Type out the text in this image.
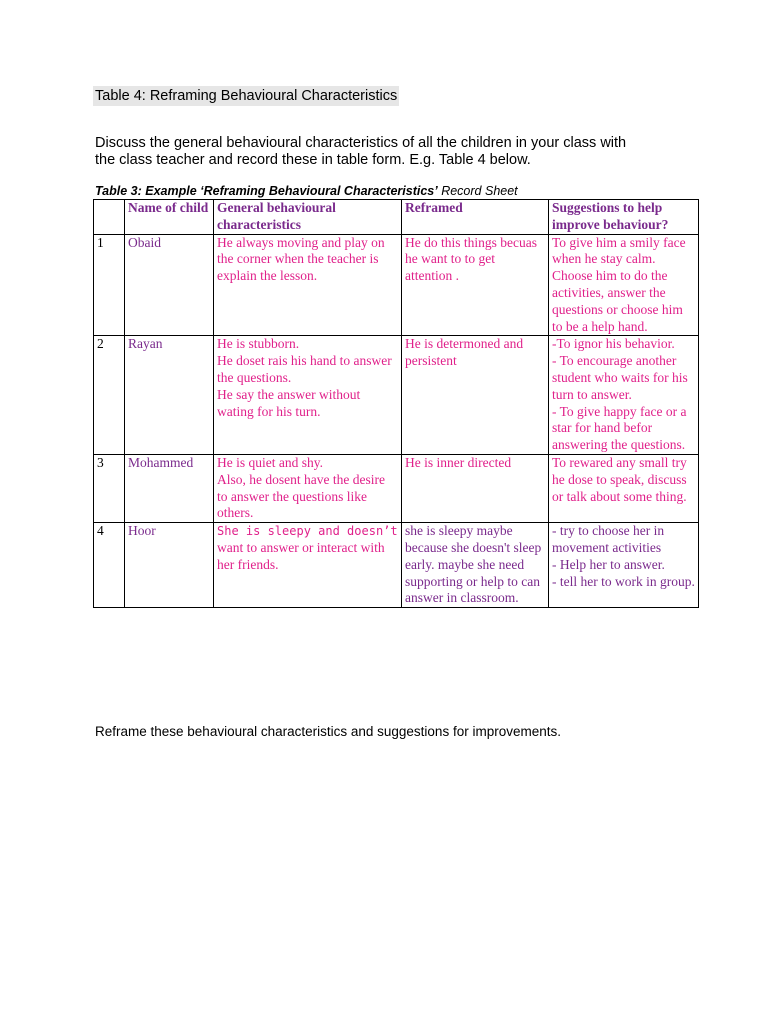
Table 4: Reframing Behavioural Characteristics
Discuss the general behavioural characteristics of all the children in your class with
the class teacher and record these in table form. E.g. Table 4 below.
Table 3: Example ‘Reframing Behavioural Characteristics’ Record Sheet
	Name of child	General behavioural characteristics	Reframed	Suggestions to help improve behaviour?
1	Obaid	He always moving and play on the corner when the teacher is explain the lesson.	He do this things becuas he want to to get attention .	To give him a smily face when he stay calm.
Choose him to do the activities, answer the questions or choose him to be a help hand.

2	Rayan	He is stubborn.
He doset rais his hand to answer the questions.
He say the answer without wating for his turn.	He is determoned and persistent	-To ignor his behavior.
- To encourage another student who waits for his turn to answer.
- To give happy face or a star for hand befor answering the questions.

3	Mohammed	He is quiet and shy.
Also, he dosent have the desire to answer the questions like others.	He is inner directed	To rewared any small try he dose to speak, discuss or talk about some thing.

4	Hoor	She is sleepy and doesn’t
want to answer or interact with her friends.	she is sleepy maybe because she doesn't sleep early. maybe she need supporting or help to can answer in classroom.	- try to choose her in movement activities
- Help her to answer.
- tell her to work in group.
Reframe these behavioural characteristics and suggestions for improvements.
